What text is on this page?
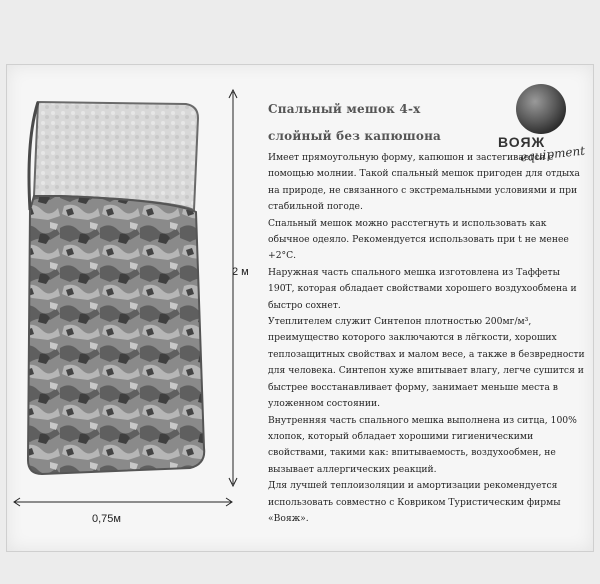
2 м
0,75м
Спальный мешок 4-х
слойный без капюшона	ВОЯЖ
equipment

Имеет прямоугольную форму, капюшон и застегивается с помощью молнии. Такой спальный мешок пригоден для отдыха на природе, не связанного с экстремальными условиями и при стабильной погоде.

Спальный мешок можно расстегнуть и использовать как обычное одеяло. Рекомендуется использовать при t не менее +2°С.

Наружная часть спального мешка изготовлена из Таффеты 190Т, которая обладает свойствами хорошего воздухообмена и быстро сохнет.

Утеплителем служит Синтепон плотностью 200мг/м³, преимущество которого заключаются в лёгкости, хороших теплозащитных свойствах и малом весе, а также в безвредности для человека. Синтепон хуже впитывает влагу, легче сушится и быстрее восстанавливает форму, занимает меньше места в уложенном состоянии.

Внутренняя часть спального мешка выполнена из ситца, 100% хлопок, который обладает хорошими гигиеническими свойствами, такими как: впитываемость, воздухообмен, не вызывает аллергических реакций.

Для лучшей теплоизоляции и амортизации рекомендуется использовать совместно с Ковриком Туристическим фирмы «Вояж».
